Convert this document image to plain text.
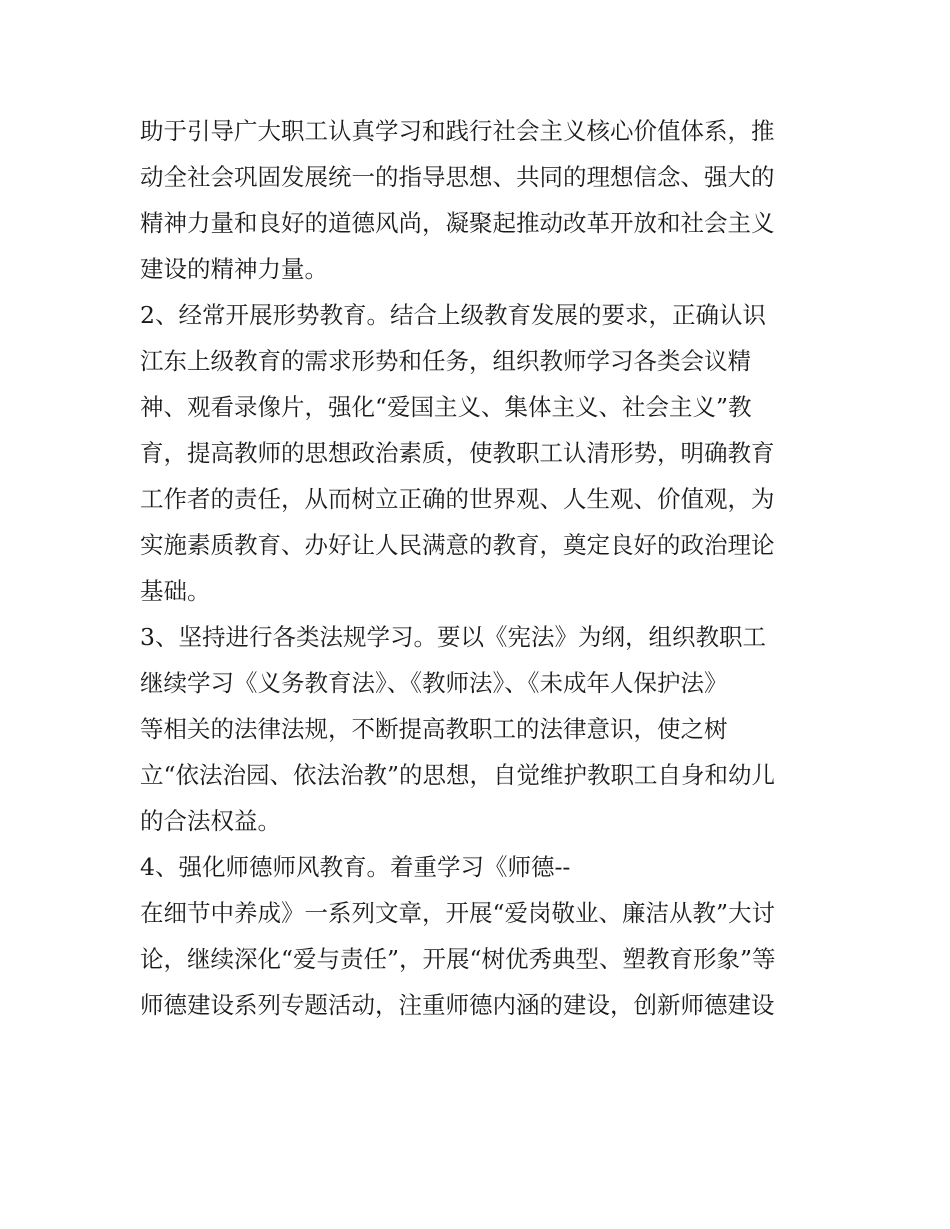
助于引导广大职工认真学习和践行社会主义核心价值体系，推
动全社会巩固发展统一的指导思想、共同的理想信念、强大的
精神力量和良好的道德风尚，凝聚起推动改革开放和社会主义
建设的精神力量。
2、经常开展形势教育。结合上级教育发展的要求，正确认识
江东上级教育的需求形势和任务，组织教师学习各类会议精
神、观看录像片，强化“爱国主义、集体主义、社会主义”教
育，提高教师的思想政治素质，使教职工认清形势，明确教育
工作者的责任，从而树立正确的世界观、人生观、价值观，为
实施素质教育、办好让人民满意的教育，奠定良好的政治理论
基础。
3、坚持进行各类法规学习。要以《宪法》为纲，组织教职工
继续学习《义务教育法》、《教师法》、《未成年人保护法》
等相关的法律法规，不断提高教职工的法律意识，使之树
立“依法治园、依法治教”的思想，自觉维护教职工自身和幼儿
的合法权益。
4、强化师德师风教育。着重学习《师德--
在细节中养成》一系列文章，开展“爱岗敬业、廉洁从教”大讨
论，继续深化“爱与责任”，开展“树优秀典型、塑教育形象”等
师德建设系列专题活动，注重师德内涵的建设，创新师德建设
